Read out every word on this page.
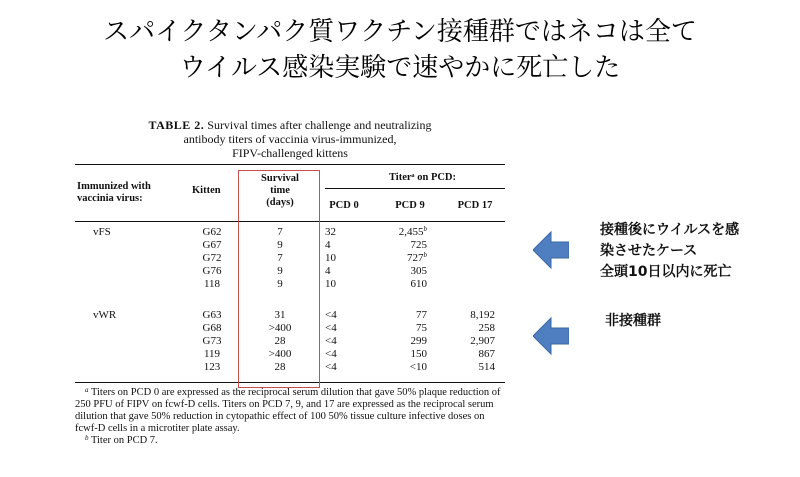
スパイクタンパク質ワクチン接種群ではネコは全て
ウイルス感染実験で速やかに死亡した
TABLE 2. Survival times after challenge and neutralizing
antibody titers of vaccinia virus-immunized,
FIPV-challenged kittens
Immunized with
vaccinia virus:
Kitten
Survival
time
(days)
Titerᵃ on PCD:
PCD 0	PCD 9	PCD 17
vFS	G62	7	32	2,455$^b$
G67	9	4	725
G72	7	10	727$^b$
G76	9	4	305
118	9	10	610
vWR	G63	31	<4	77	8,192
G68	>400	<4	75	258
G73	28	<4	299	2,907
119	>400	<4	150	867
123	28	<4	<10	514

$^a$ Titers on PCD 0 are expressed as the reciprocal serum dilution that gave 50% plaque reduction of 250 PFU of FIPV on fcwf-D cells. Titers on PCD 7, 9, and 17 are expressed as the reciprocal serum dilution that gave 50% reduction in cytopathic effect of 100 50% tissue culture infective doses on fcwf-D cells in a microtiter plate assay.

$^b$ Titer on PCD 7.

接種後にウイルスを感
染させたケース
全頭10日以内に死亡
非接種群
